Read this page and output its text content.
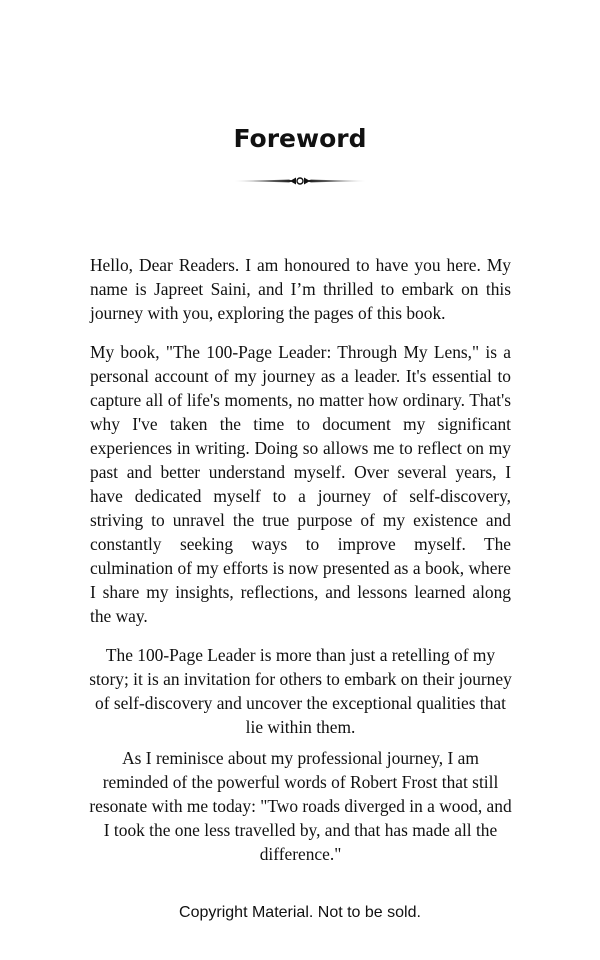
Foreword

Hello, Dear Readers. I am honoured to have you here. My name is Japreet Saini, and I’m thrilled to embark on this journey with you, exploring the pages of this book.

My book, "The 100-Page Leader: Through My Lens," is a personal account of my journey as a leader. It's essential to capture all of life's moments, no matter how ordinary. That's why I've taken the time to document my significant experiences in writing. Doing so allows me to reflect on my past and better understand myself. Over several years, I have dedicated myself to a journey of self-discovery, striving to unravel the true purpose of my existence and constantly seeking ways to improve myself. The culmination of my efforts is now presented as a book, where I share my insights, reflections, and lessons learned along the way.

The 100-Page Leader is more than just a retelling of my story; it is an invitation for others to embark on their journey of self-discovery and uncover the exceptional qualities that lie within them.

As I reminisce about my professional journey, I am reminded of the powerful words of Robert Frost that still resonate with me today: "Two roads diverged in a wood, and I took the one less travelled by, and that has made all the difference."

Copyright Material. Not to be sold.
